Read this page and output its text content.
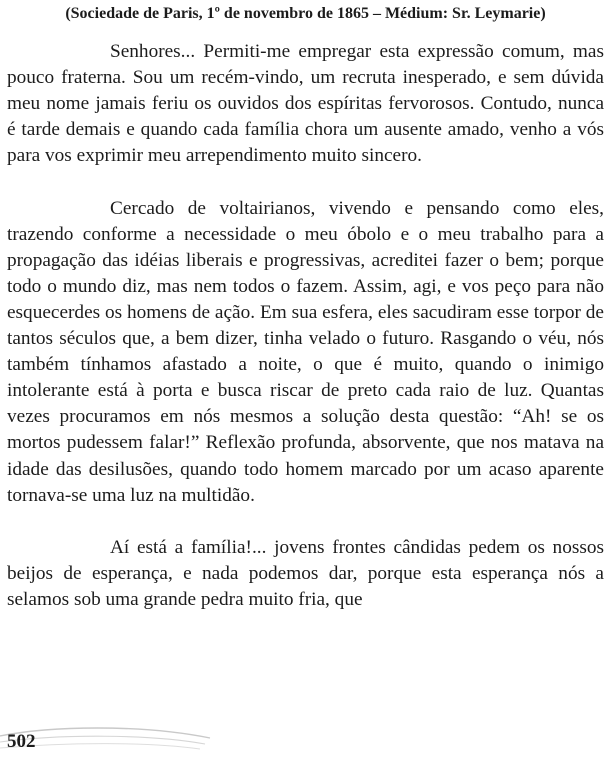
(Sociedade de Paris, 1º de novembro de 1865 – Médium: Sr. Leymarie)

Senhores... Permiti-me empregar esta expressão comum, mas pouco fraterna. Sou um recém-vindo, um recruta inesperado, e sem dúvida meu nome jamais feriu os ouvidos dos espíritas fervorosos. Contudo, nunca é tarde demais e quando cada família chora um ausente amado, venho a vós para vos exprimir meu arrependimento muito sincero.

Cercado de voltairianos, vivendo e pensando como eles, trazendo conforme a necessidade o meu óbolo e o meu trabalho para a propagação das idéias liberais e progressivas, acreditei fazer o bem; porque todo o mundo diz, mas nem todos o fazem. Assim, agi, e vos peço para não esquecerdes os homens de ação. Em sua esfera, eles sacudiram esse torpor de tantos séculos que, a bem dizer, tinha velado o futuro. Rasgando o véu, nós também tínhamos afastado a noite, o que é muito, quando o inimigo intolerante está à porta e busca riscar de preto cada raio de luz. Quantas vezes procuramos em nós mesmos a solução desta questão: “Ah! se os mortos pudessem falar!” Reflexão profunda, absorvente, que nos matava na idade das desilusões, quando todo homem marcado por um acaso aparente tornava-se uma luz na multidão.

Aí está a família!... jovens frontes cândidas pedem os nossos beijos de esperança, e nada podemos dar, porque esta esperança nós a selamos sob uma grande pedra muito fria, que

502
